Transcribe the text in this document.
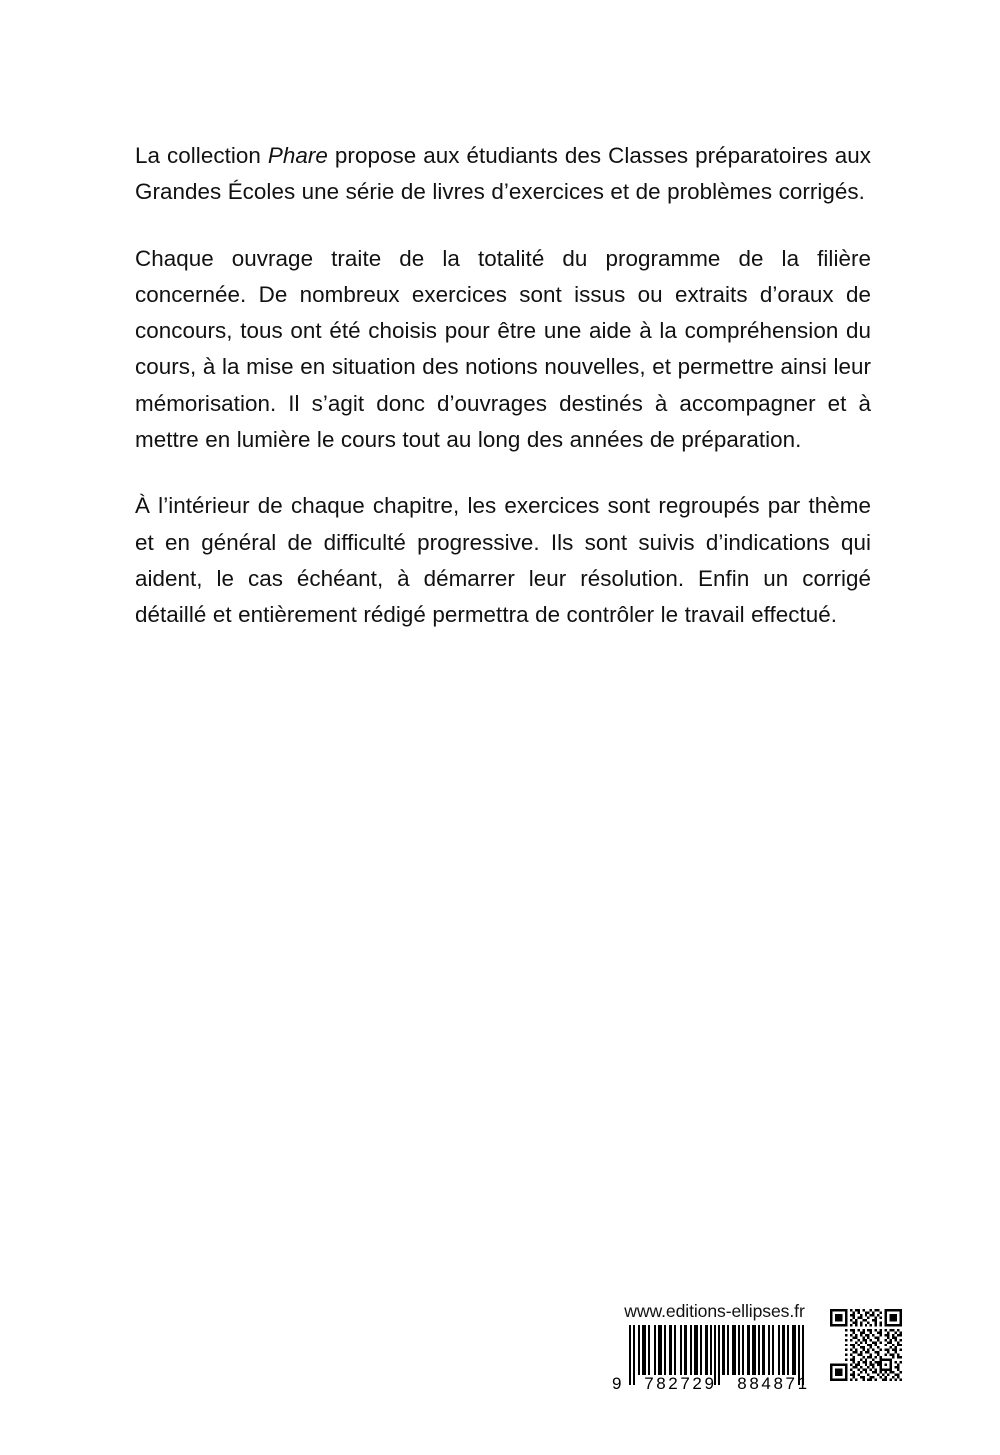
La collection Phare propose aux étudiants des Classes préparatoires aux Grandes Écoles une série de livres d’exercices et de problèmes corrigés.

Chaque ouvrage traite de la totalité du programme de la filière concernée. De nombreux exercices sont issus ou extraits d’oraux de concours, tous ont été choisis pour être une aide à la compréhension du cours, à la mise en situation des notions nouvelles, et permettre ainsi leur mémorisation. Il s’agit donc d’ouvrages destinés à accompagner et à mettre en lumière le cours tout au long des années de préparation.

À l’intérieur de chaque chapitre, les exercices sont regroupés par thème et en général de difficulté progressive. Ils sont suivis d’indications qui aident, le cas échéant, à démarrer leur résolution. Enfin un corrigé détaillé et entièrement rédigé permettra de contrôler le travail effectué.

www.editions-ellipses.fr
9	782729	884871
